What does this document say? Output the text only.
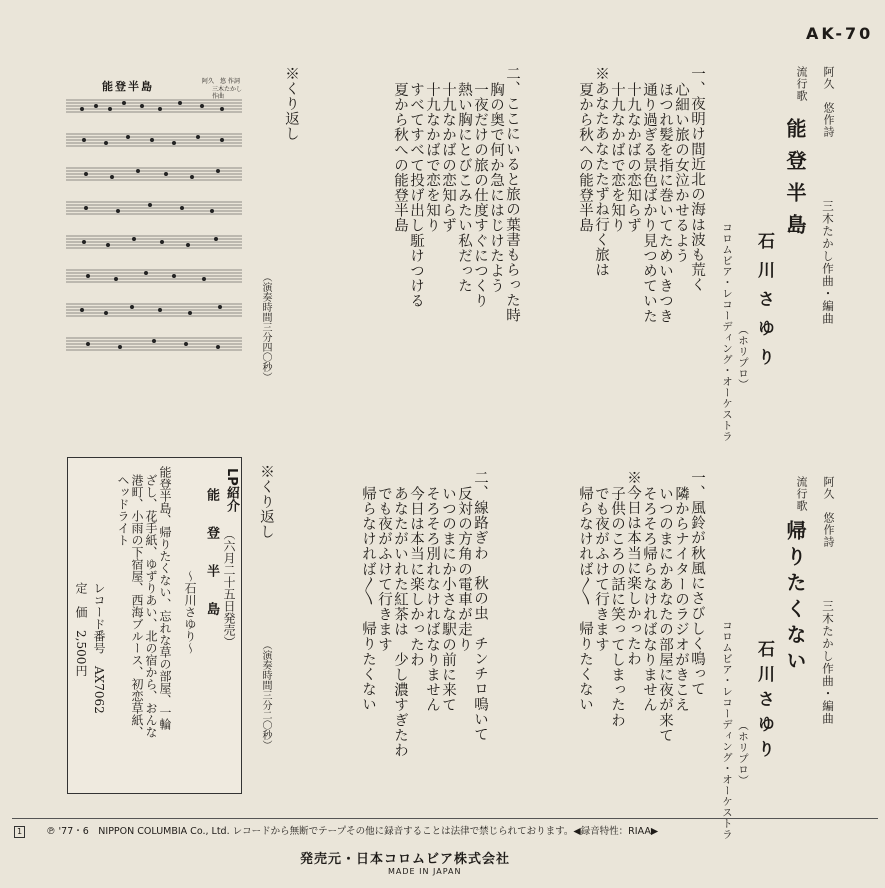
AK-70
阿久　悠作詩
三木たかし作曲・編曲
流行歌
能登半島
石川さゆり
（ホリプロ）
コロムビア・レコーディング・オーケストラ
一、夜明け間近北の海は波も荒く
心細い旅の女泣かせるよう
ほつれ髪を指に巻いてためいきつき
通り過ぎる景色ばかり見つめていた
十九なかばの恋知らず
十九なかばで恋を知り
※あなたあなたたずね行く旅は
夏から秋への能登半島
二、ここにいると旅の葉書もらった時
胸の奥で何か急にはじけたよう
一夜だけの旅の仕度すぐにつくり
熱い胸にとびこみたい私だった
十九なかばの恋知らず
十九なかばで恋を知り
すべてすべて投げ出し駈けつける
夏から秋への能登半島
※くり返し
（演奏時間三分四〇秒）
能登半島	阿久　悠 作詞
三木たかし 作曲
阿久　悠作詩
三木たかし作曲・編曲
流行歌
帰りたくない
石川さゆり
（ホリプロ）
コロムビア・レコーディング・オーケストラ
一、風鈴が秋風にさびしく鳴って
隣からナイターのラジオがきこえ
いつのまにかあなたの部屋に夜が来て
そろそろ帰らなければなりません
※今日は本当に楽しかったわ
子供のころの話に笑ってしまったわ
でも夜がふけて行きます
帰らなければ〳〵　帰りたくない
二、線路ぎわ　秋の虫　チンチロ鳴いて
反対の方角の電車が走り
いつのまにか小さな駅の前に来て
そろそろ別れなければなりません
今日は本当に楽しかったわ
あなたがいれた紅茶は　少し濃すぎたわ
でも夜がふけて行きます
帰らなければ〳〵　帰りたくない
※くり返し
（演奏時間三分二〇秒）
LP紹介
（六月二十五日発売）
能　登　半　島
〜石川さゆり〜
能登半島、帰りたくない、忘れな草の部屋、一輪
ざし、花手紙、ゆずりあい、北の宿から、おんな
港町、小雨の下宿屋、西海ブルース、初恋草紙、
ヘッドライト
レコード番号　AX7062
定　価　2,500円
1	℗ '77・6　NIPPON COLUMBIA Co., Ltd. レコードから無断でテープその他に録音することは法律で禁じられております。◀録音特性：RIAA▶
発売元・日本コロムビア株式会社
MADE IN JAPAN
